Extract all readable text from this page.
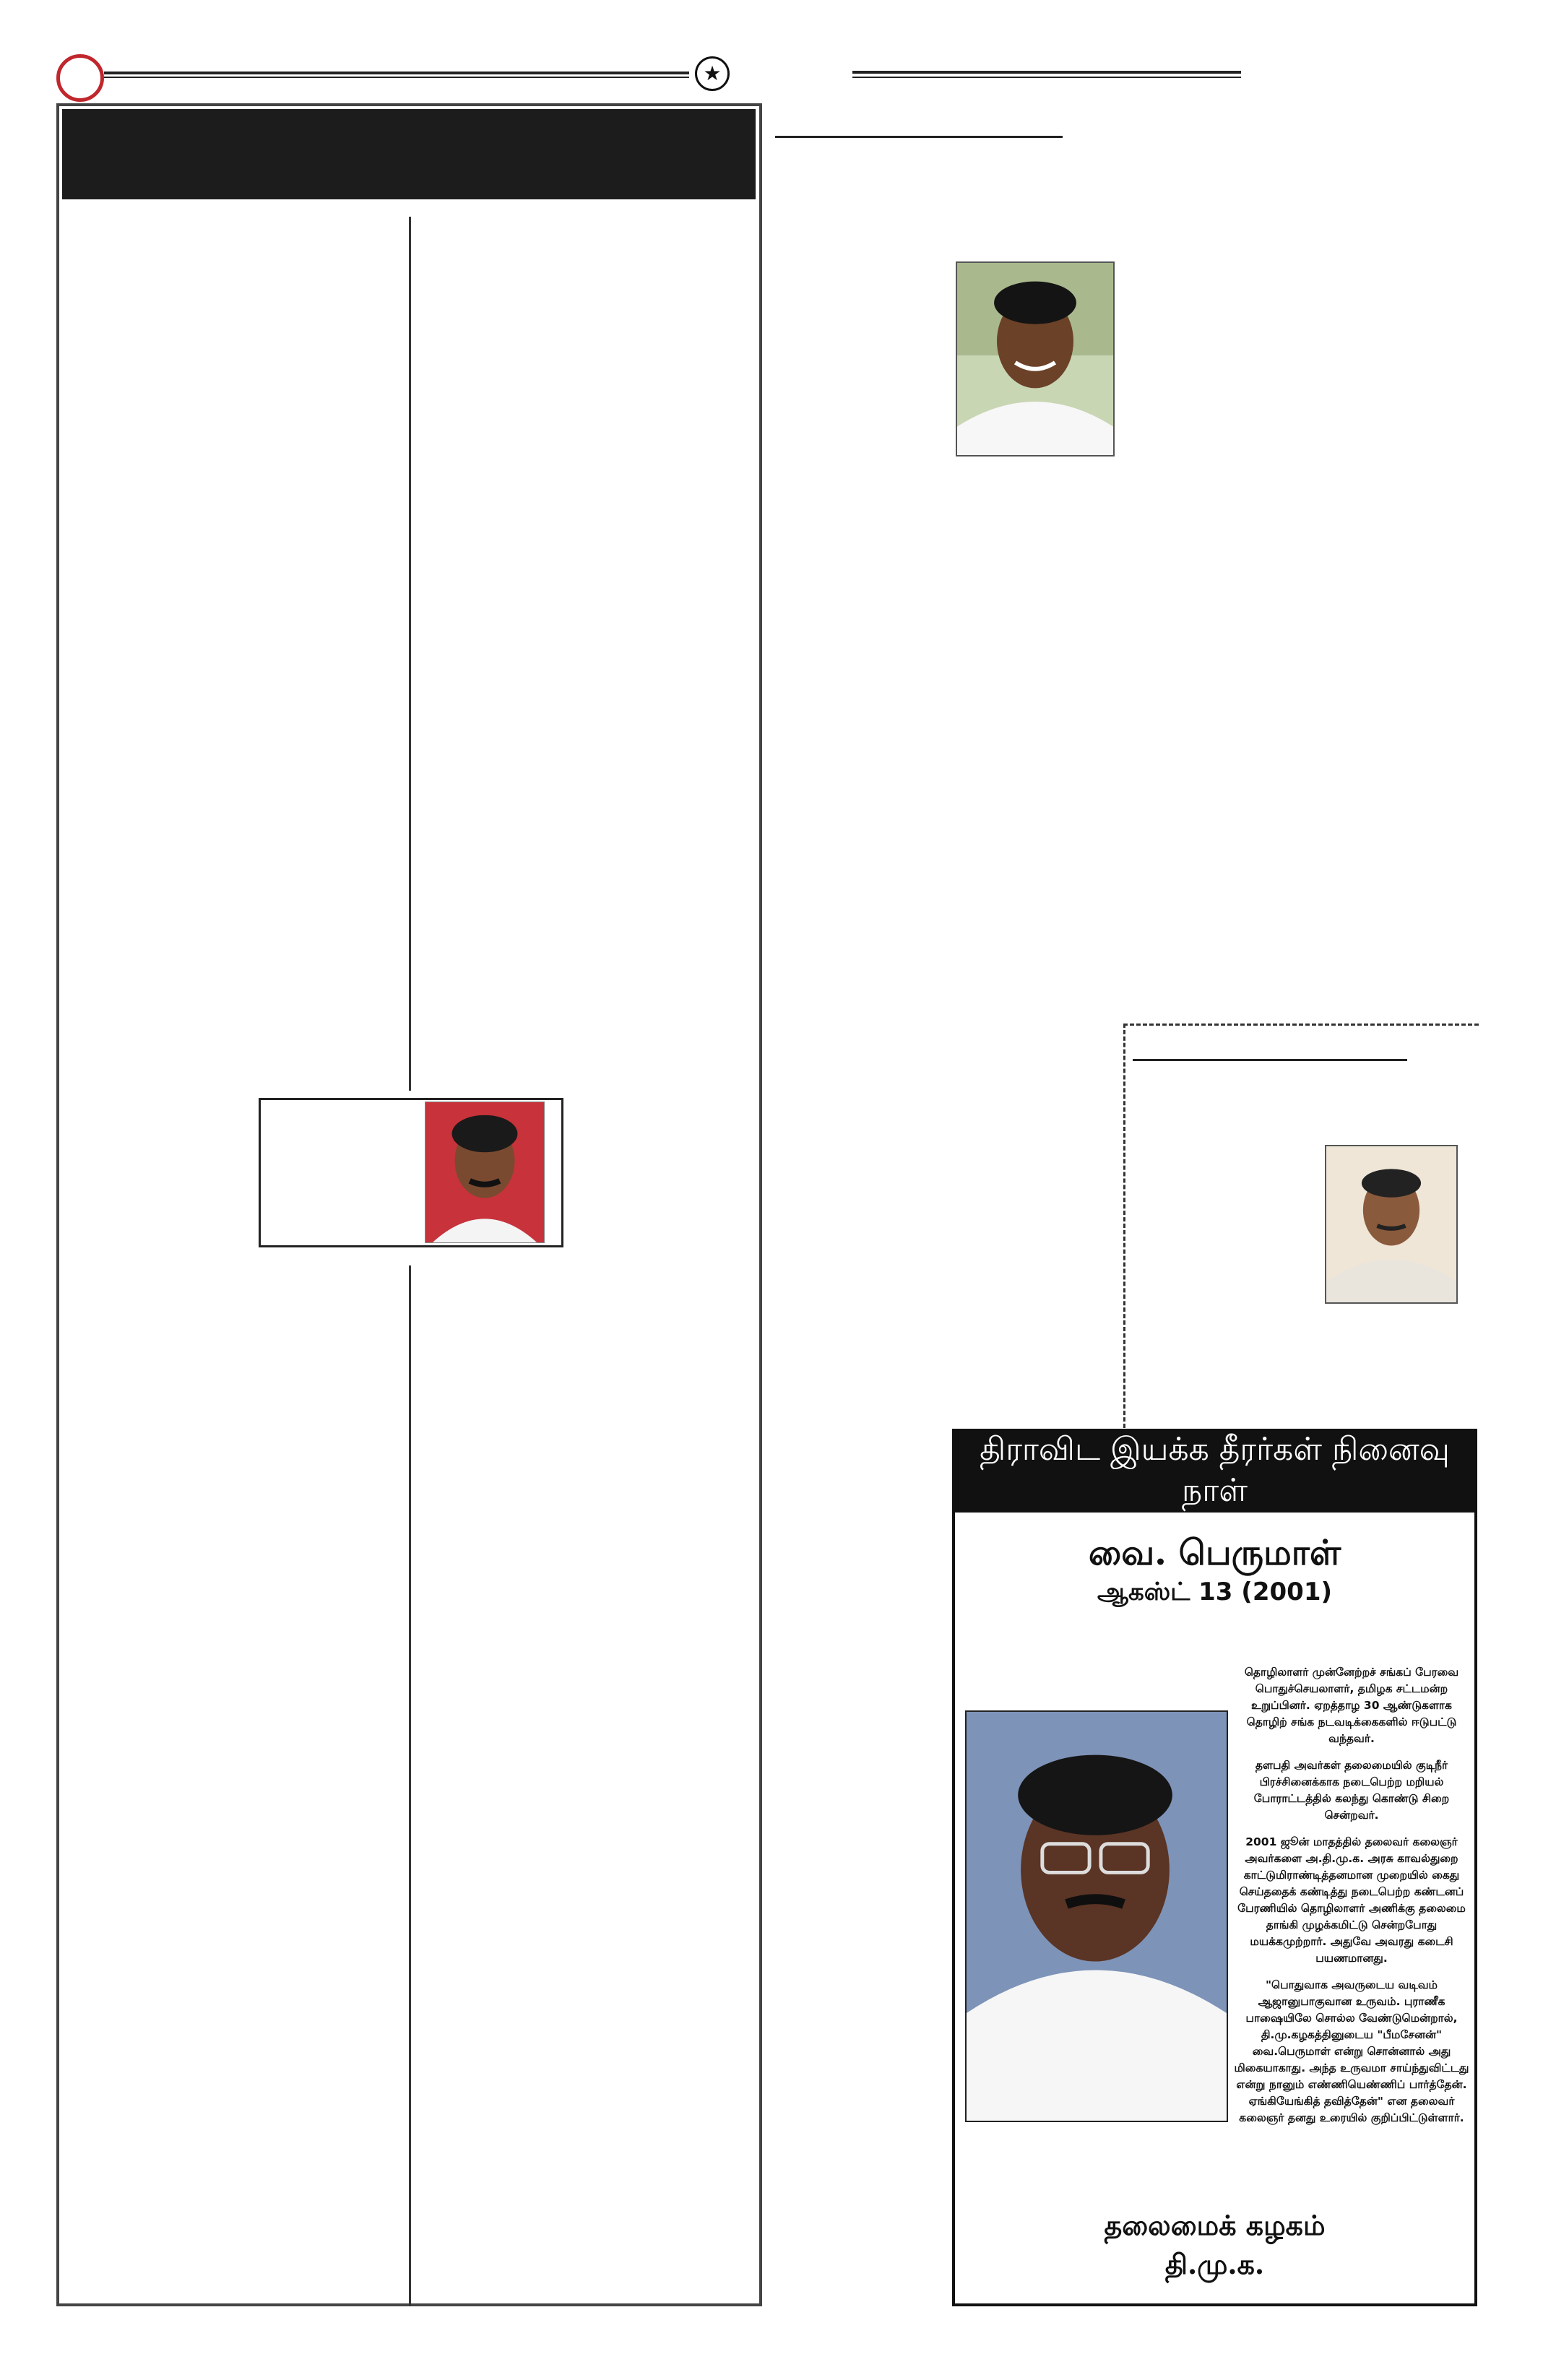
★
திராவிட இயக்க தீரர்கள் நினைவு நாள்
வை. பெருமாள்
ஆகஸ்ட் 13 (2001)

தொழிலாளர் முன்னேற்றச் சங்கப் பேரவை பொதுச்செயலாளர், தமிழக சட்டமன்ற உறுப்பினர். ஏறத்தாழ 30 ஆண்டுகளாக தொழிற் சங்க நடவடிக்கைகளில் ஈடுபட்டு வந்தவர்.

தளபதி அவர்கள் தலைமையில் குடிநீர் பிரச்சினைக்காக நடைபெற்ற மறியல் போராட்டத்தில் கலந்து கொண்டு சிறை சென்றவர்.

2001 ஜூன் மாதத்தில் தலைவர் கலைஞர் அவர்களை அ.தி.மு.க. அரசு காவல்துறை காட்டுமிராண்டித்தனமான முறையில் கைது செய்ததைக் கண்டித்து நடைபெற்ற கண்டனப் பேரணியில் தொழிலாளர் அணிக்கு தலைமை தாங்கி முழக்கமிட்டு சென்றபோது மயக்கமுற்றார். அதுவே அவரது கடைசி பயணமானது.

"பொதுவாக அவருடைய வடிவம் ஆஜானுபாகுவான உருவம். புராணீக பாஷையிலே சொல்ல வேண்டுமென்றால், தி.மு.கழகத்தினுடைய "பீமசேனன்" வை.பெருமாள் என்று சொன்னால் அது மிகையாகாது. அந்த உருவமா சாய்ந்துவிட்டது என்று நானும் எண்ணியெண்ணிப் பார்த்தேன். ஏங்கியேங்கித் தவித்தேன்" என தலைவர் கலைஞர் தனது உரையில் குறிப்பிட்டுள்ளார்.

தலைமைக் கழகம்
தி.மு.க.
